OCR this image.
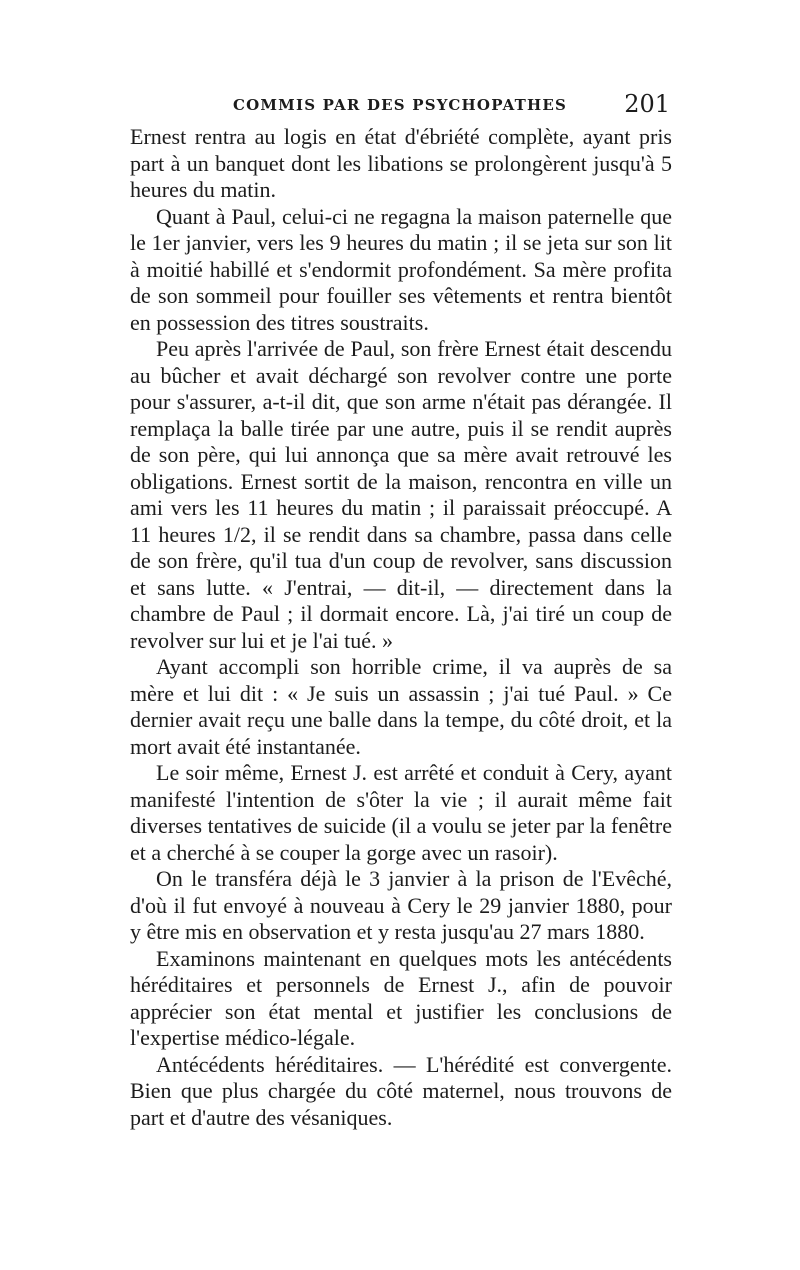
COMMIS PAR DES PSYCHOPATHES	201

Ernest rentra au logis en état d'ébriété complète, ayant pris part à un banquet dont les libations se prolongèrent jusqu'à 5 heures du matin.

Quant à Paul, celui-ci ne regagna la maison paternelle que le 1er janvier, vers les 9 heures du matin ; il se jeta sur son lit à moitié habillé et s'endormit profondément. Sa mère profita de son sommeil pour fouiller ses vêtements et rentra bientôt en possession des titres soustraits.

Peu après l'arrivée de Paul, son frère Ernest était descendu au bûcher et avait déchargé son revolver contre une porte pour s'assurer, a-t-il dit, que son arme n'était pas dérangée. Il remplaça la balle tirée par une autre, puis il se rendit auprès de son père, qui lui annonça que sa mère avait retrouvé les obligations. Ernest sortit de la maison, rencontra en ville un ami vers les 11 heures du matin ; il paraissait préoccupé. A 11 heures 1/2, il se rendit dans sa chambre, passa dans celle de son frère, qu'il tua d'un coup de revolver, sans discussion et sans lutte. « J'entrai, — dit-il, — directement dans la chambre de Paul ; il dormait encore. Là, j'ai tiré un coup de revolver sur lui et je l'ai tué. »

Ayant accompli son horrible crime, il va auprès de sa mère et lui dit : « Je suis un assassin ; j'ai tué Paul. » Ce dernier avait reçu une balle dans la tempe, du côté droit, et la mort avait été instantanée.

Le soir même, Ernest J. est arrêté et conduit à Cery, ayant manifesté l'intention de s'ôter la vie ; il aurait même fait diverses tentatives de suicide (il a voulu se jeter par la fenêtre et a cherché à se couper la gorge avec un rasoir).

On le transféra déjà le 3 janvier à la prison de l'Evêché, d'où il fut envoyé à nouveau à Cery le 29 janvier 1880, pour y être mis en observation et y resta jusqu'au 27 mars 1880.

Examinons maintenant en quelques mots les antécédents héréditaires et personnels de Ernest J., afin de pouvoir apprécier son état mental et justifier les conclusions de l'expertise médico-légale.

Antécédents héréditaires. — L'hérédité est convergente. Bien que plus chargée du côté maternel, nous trouvons de part et d'autre des vésaniques.
